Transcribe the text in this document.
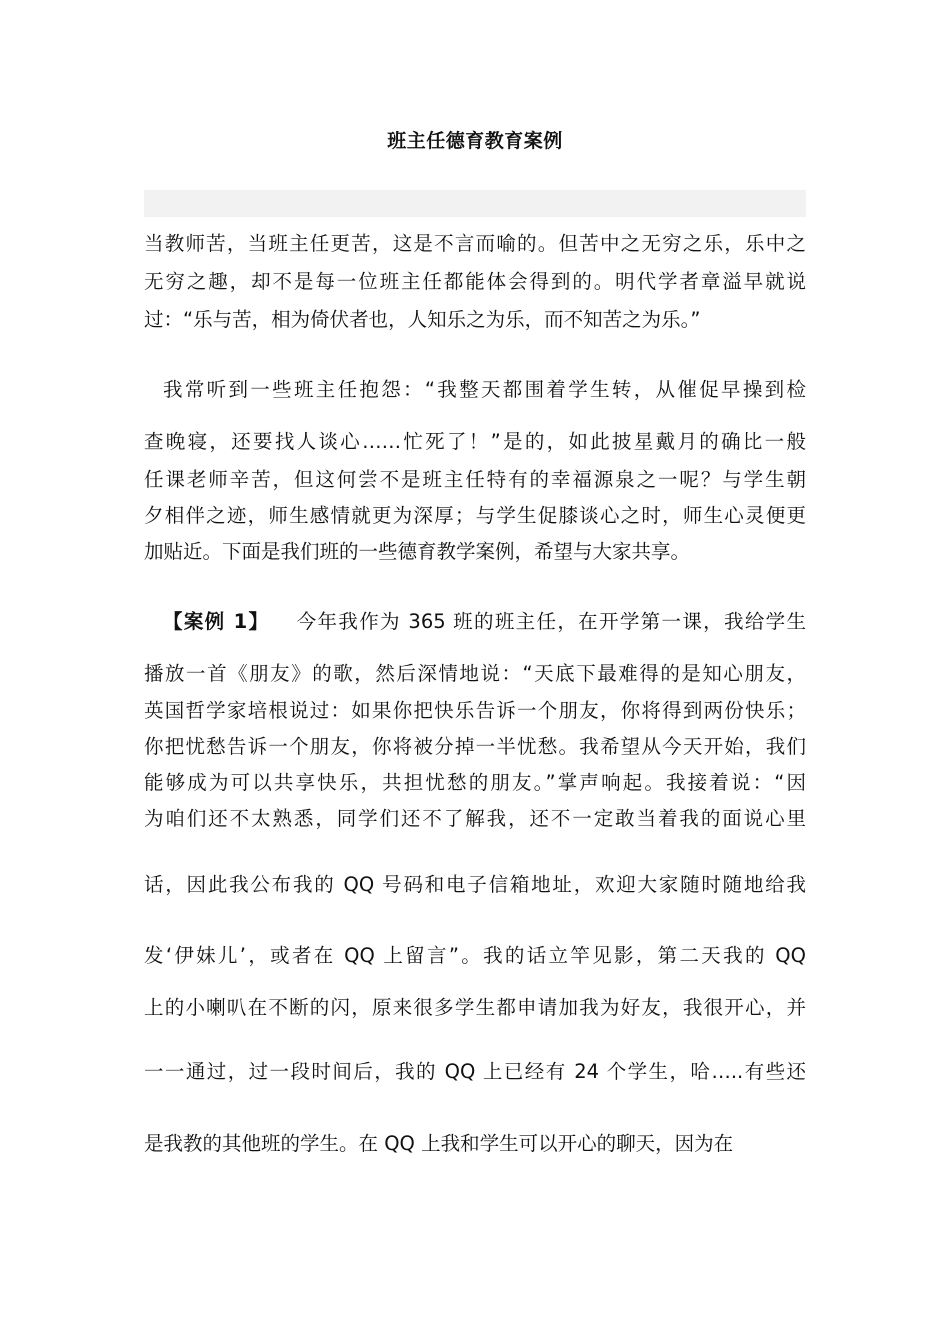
班主任德育教育案例
当教师苦，当班主任更苦，这是不言而喻的。但苦中之无穷之乐，乐中之
无穷之趣，却不是每一位班主任都能体会得到的。明代学者章溢早就说
过：“乐与苦，相为倚伏者也，人知乐之为乐，而不知苦之为乐。”
我常听到一些班主任抱怨：“我整天都围着学生转，从催促早操到检
查晚寝，还要找人谈心……忙死了！”是的，如此披星戴月的确比一般
任课老师辛苦，但这何尝不是班主任特有的幸福源泉之一呢？与学生朝
夕相伴之迹，师生感情就更为深厚；与学生促膝谈心之时，师生心灵便更
加贴近。下面是我们班的一些德育教学案例，希望与大家共享。
【案例 1】 今年我作为 365 班的班主任，在开学第一课，我给学生
播放一首《朋友》的歌，然后深情地说：“天底下最难得的是知心朋友，
英国哲学家培根说过：如果你把快乐告诉一个朋友，你将得到两份快乐；
你把忧愁告诉一个朋友，你将被分掉一半忧愁。我希望从今天开始，我们
能够成为可以共享快乐，共担忧愁的朋友。”掌声响起。我接着说：“因
为咱们还不太熟悉，同学们还不了解我，还不一定敢当着我的面说心里
话，因此我公布我的 QQ 号码和电子信箱地址，欢迎大家随时随地给我
发‘伊妹儿’，或者在 QQ 上留言”。我的话立竿见影，第二天我的 QQ
上的小喇叭在不断的闪，原来很多学生都申请加我为好友，我很开心，并
一一通过，过一段时间后，我的 QQ 上已经有 24 个学生，哈…..有些还
是我教的其他班的学生。在 QQ 上我和学生可以开心的聊天，因为在
